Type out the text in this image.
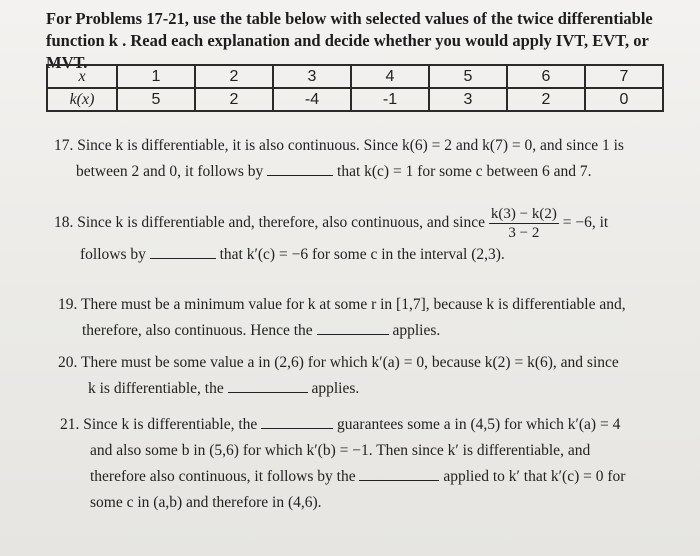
For Problems 17-21, use the table below with selected values of the twice differentiable
function k . Read each explanation and decide whether you would apply IVT, EVT, or MVT.
x	1	2	3	4	5	6	7
k(x)	5	2	-4	-1	3	2	0
17. Since k is differentiable, it is also continuous. Since k(6) = 2 and k(7) = 0, and since 1 is
between 2 and 0, it follows by	that k(c) = 1 for some c between 6 and 7.
18. Since k is differentiable and, therefore, also continuous, and since $\frac{k(3) - k(2)}{3 - 2} = -6$, it
follows by	that k′(c) = −6 for some c in the interval (2,3).
19. There must be a minimum value for k at some r in [1,7], because k is differentiable and,
therefore, also continuous. Hence the	applies.
20. There must be some value a in (2,6) for which k′(a) = 0, because k(2) = k(6), and since
k is differentiable, the	applies.
21. Since k is differentiable, the	guarantees some a in (4,5) for which k′(a) = 4
and also some b in (5,6) for which k′(b) = −1. Then since k′ is differentiable, and
therefore also continuous, it follows by the	applied to k′ that k′(c) = 0 for
some c in (a,b) and therefore in (4,6).
